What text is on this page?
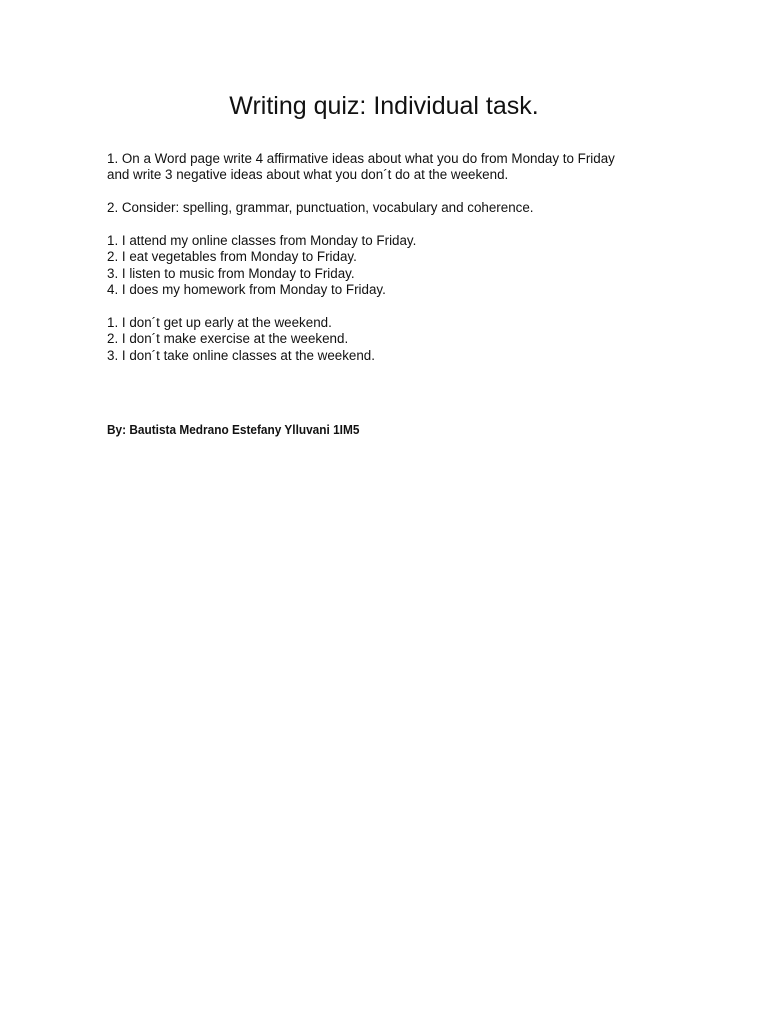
Writing quiz: Individual task.

1. On a Word page write 4 affirmative ideas about what you do from Monday to Friday

and write 3 negative ideas about what you don´t do at the weekend.

2. Consider: spelling, grammar, punctuation, vocabulary and coherence.

1. I attend my online classes from Monday to Friday.
2. I eat vegetables from Monday to Friday.
3. I listen to music from Monday to Friday.
4. I does my homework from Monday to Friday.
1. I don´t get up early at the weekend.
2. I don´t make exercise at the weekend.
3. I don´t take online classes at the weekend.

By: Bautista Medrano Estefany Ylluvani 1IM5
